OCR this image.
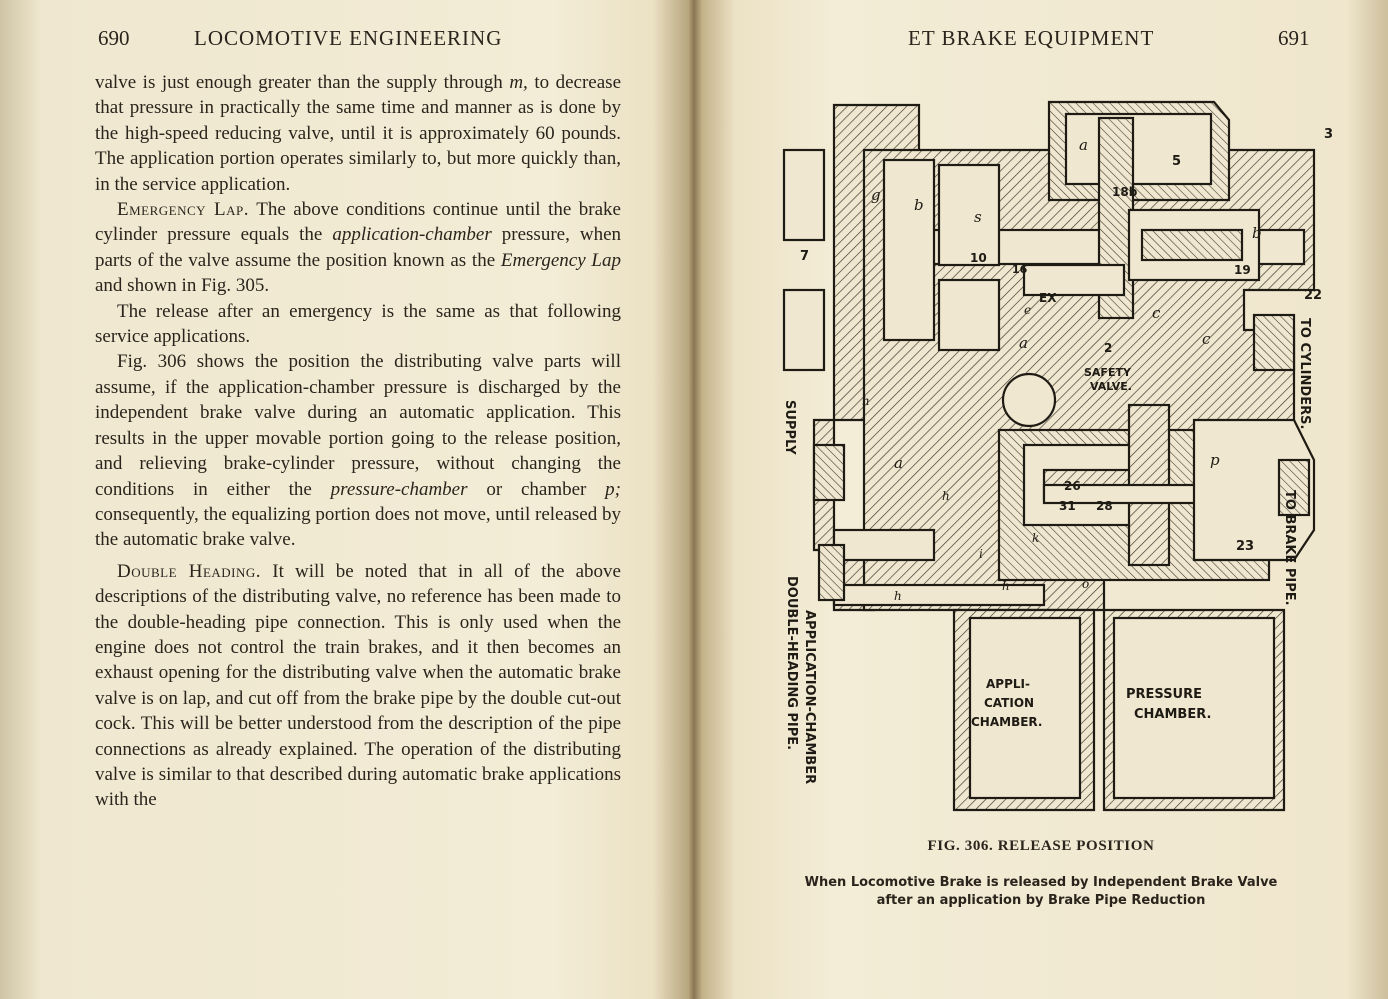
690	LOCOMOTIVE ENGINEERING

valve is just enough greater than the supply through m, to decrease that pressure in practically the same time and manner as is done by the high-speed reducing valve, until it is approximately 60 pounds. The application portion operates similarly to, but more quickly than, in the service application.

Emergency Lap. The above conditions continue until the brake cylinder pressure equals the application-chamber pressure, when parts of the valve assume the position known as the Emergency Lap and shown in Fig. 305.

The release after an emergency is the same as that following service applications.

Fig. 306 shows the position the distributing valve parts will assume, if the application-chamber pressure is discharged by the independent brake valve during an automatic application. This results in the upper movable portion going to the release position, and relieving brake-cylinder pressure, without changing the conditions in either the pressure-chamber or chamber p; consequently, the equalizing portion does not move, until released by the automatic brake valve.

Double Heading. It will be noted that in all of the above descriptions of the distributing valve, no reference has been made to the double-heading pipe connection. This is only used when the engine does not control the train brakes, and it then becomes an exhaust opening for the distributing valve when the automatic brake valve is on lap, and cut off from the brake pipe by the double cut-out cock. This will be better understood from the description of the pipe connections as already explained. The operation of the distributing valve is similar to that described during automatic brake applications with the

ET BRAKE EQUIPMENT	691
3
5
7	10
16
18b
19
22
2
SAFETY
VALVE.
EX
26
28
31
23
APPLI-
CATION
CHAMBER.
PRESSURE
CHAMBER.
a
a
a
b
b
c
c
g
s
h
h
h
h
i
p
o
e
k
TO CYLINDERS.
TO BRAKE PIPE.
SUPPLY
APPLICATION-CHAMBER
DOUBLE-HEADING PIPE.
FIG. 306. RELEASE POSITION
When Locomotive Brake is released by Independent Brake Valve
after an application by Brake Pipe Reduction
